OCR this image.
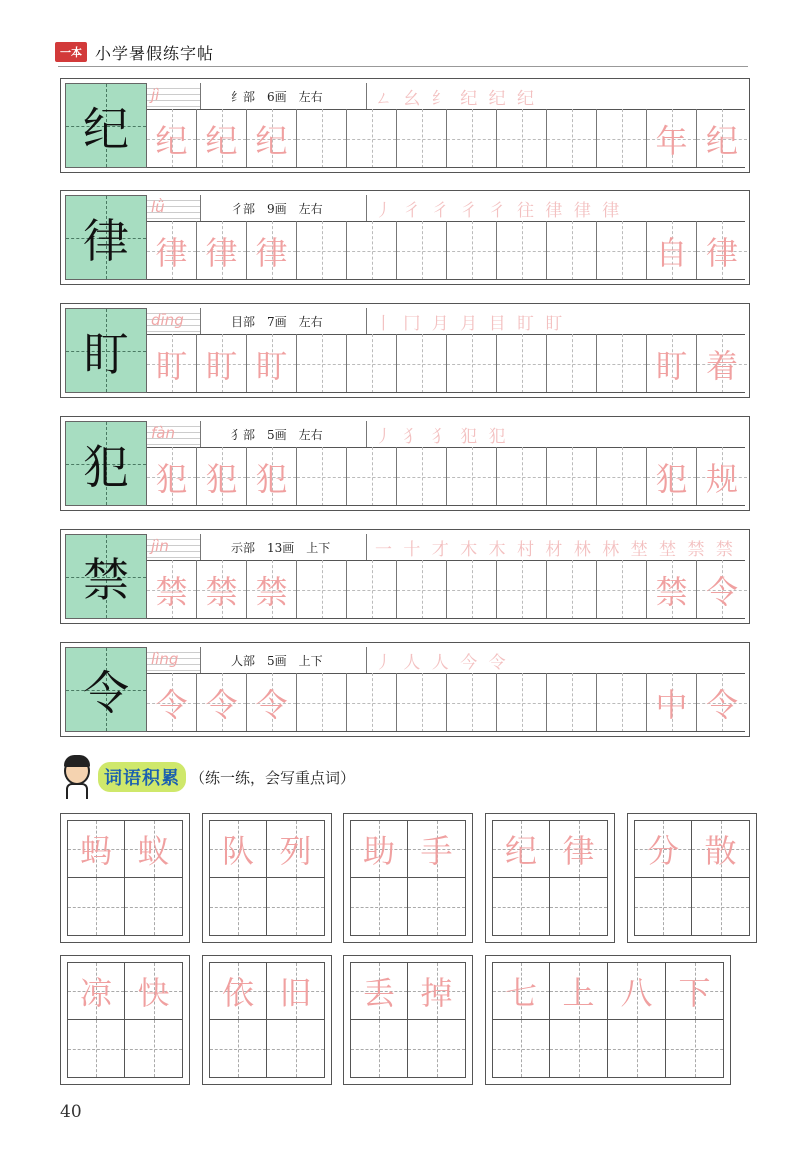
一本 小学暑假练字帖
纪
jì	纟部 6画 左右	ㄥ 幺 纟 纪 纪 纪
纪 纪 纪	年 纪
律
lǜ	彳部 9画 左右	丿 彳 彳 彳 彳 往 律 律 律
律 律 律	自 律
盯
dīng	目部 7画 左右	丨 冂 月 月 目 盯 盯
盯 盯 盯	盯 着
犯
fàn	犭部 5画 左右	丿 犭 犭 犯 犯
犯 犯 犯	犯 规
禁
jìn	示部 13画 上下	一 十 才 木 木 村 材 林 林 埜 埜 禁 禁
禁 禁 禁	禁 令
令
lìng	人部 5画 上下	丿 人 人 今 令
令 令 令	中 令
词语积累 （练一练，会写重点词）
蚂 蚁	队 列	助 手	纪 律	分 散
凉 快	依 旧	丢 掉	七 上 八 下
40
